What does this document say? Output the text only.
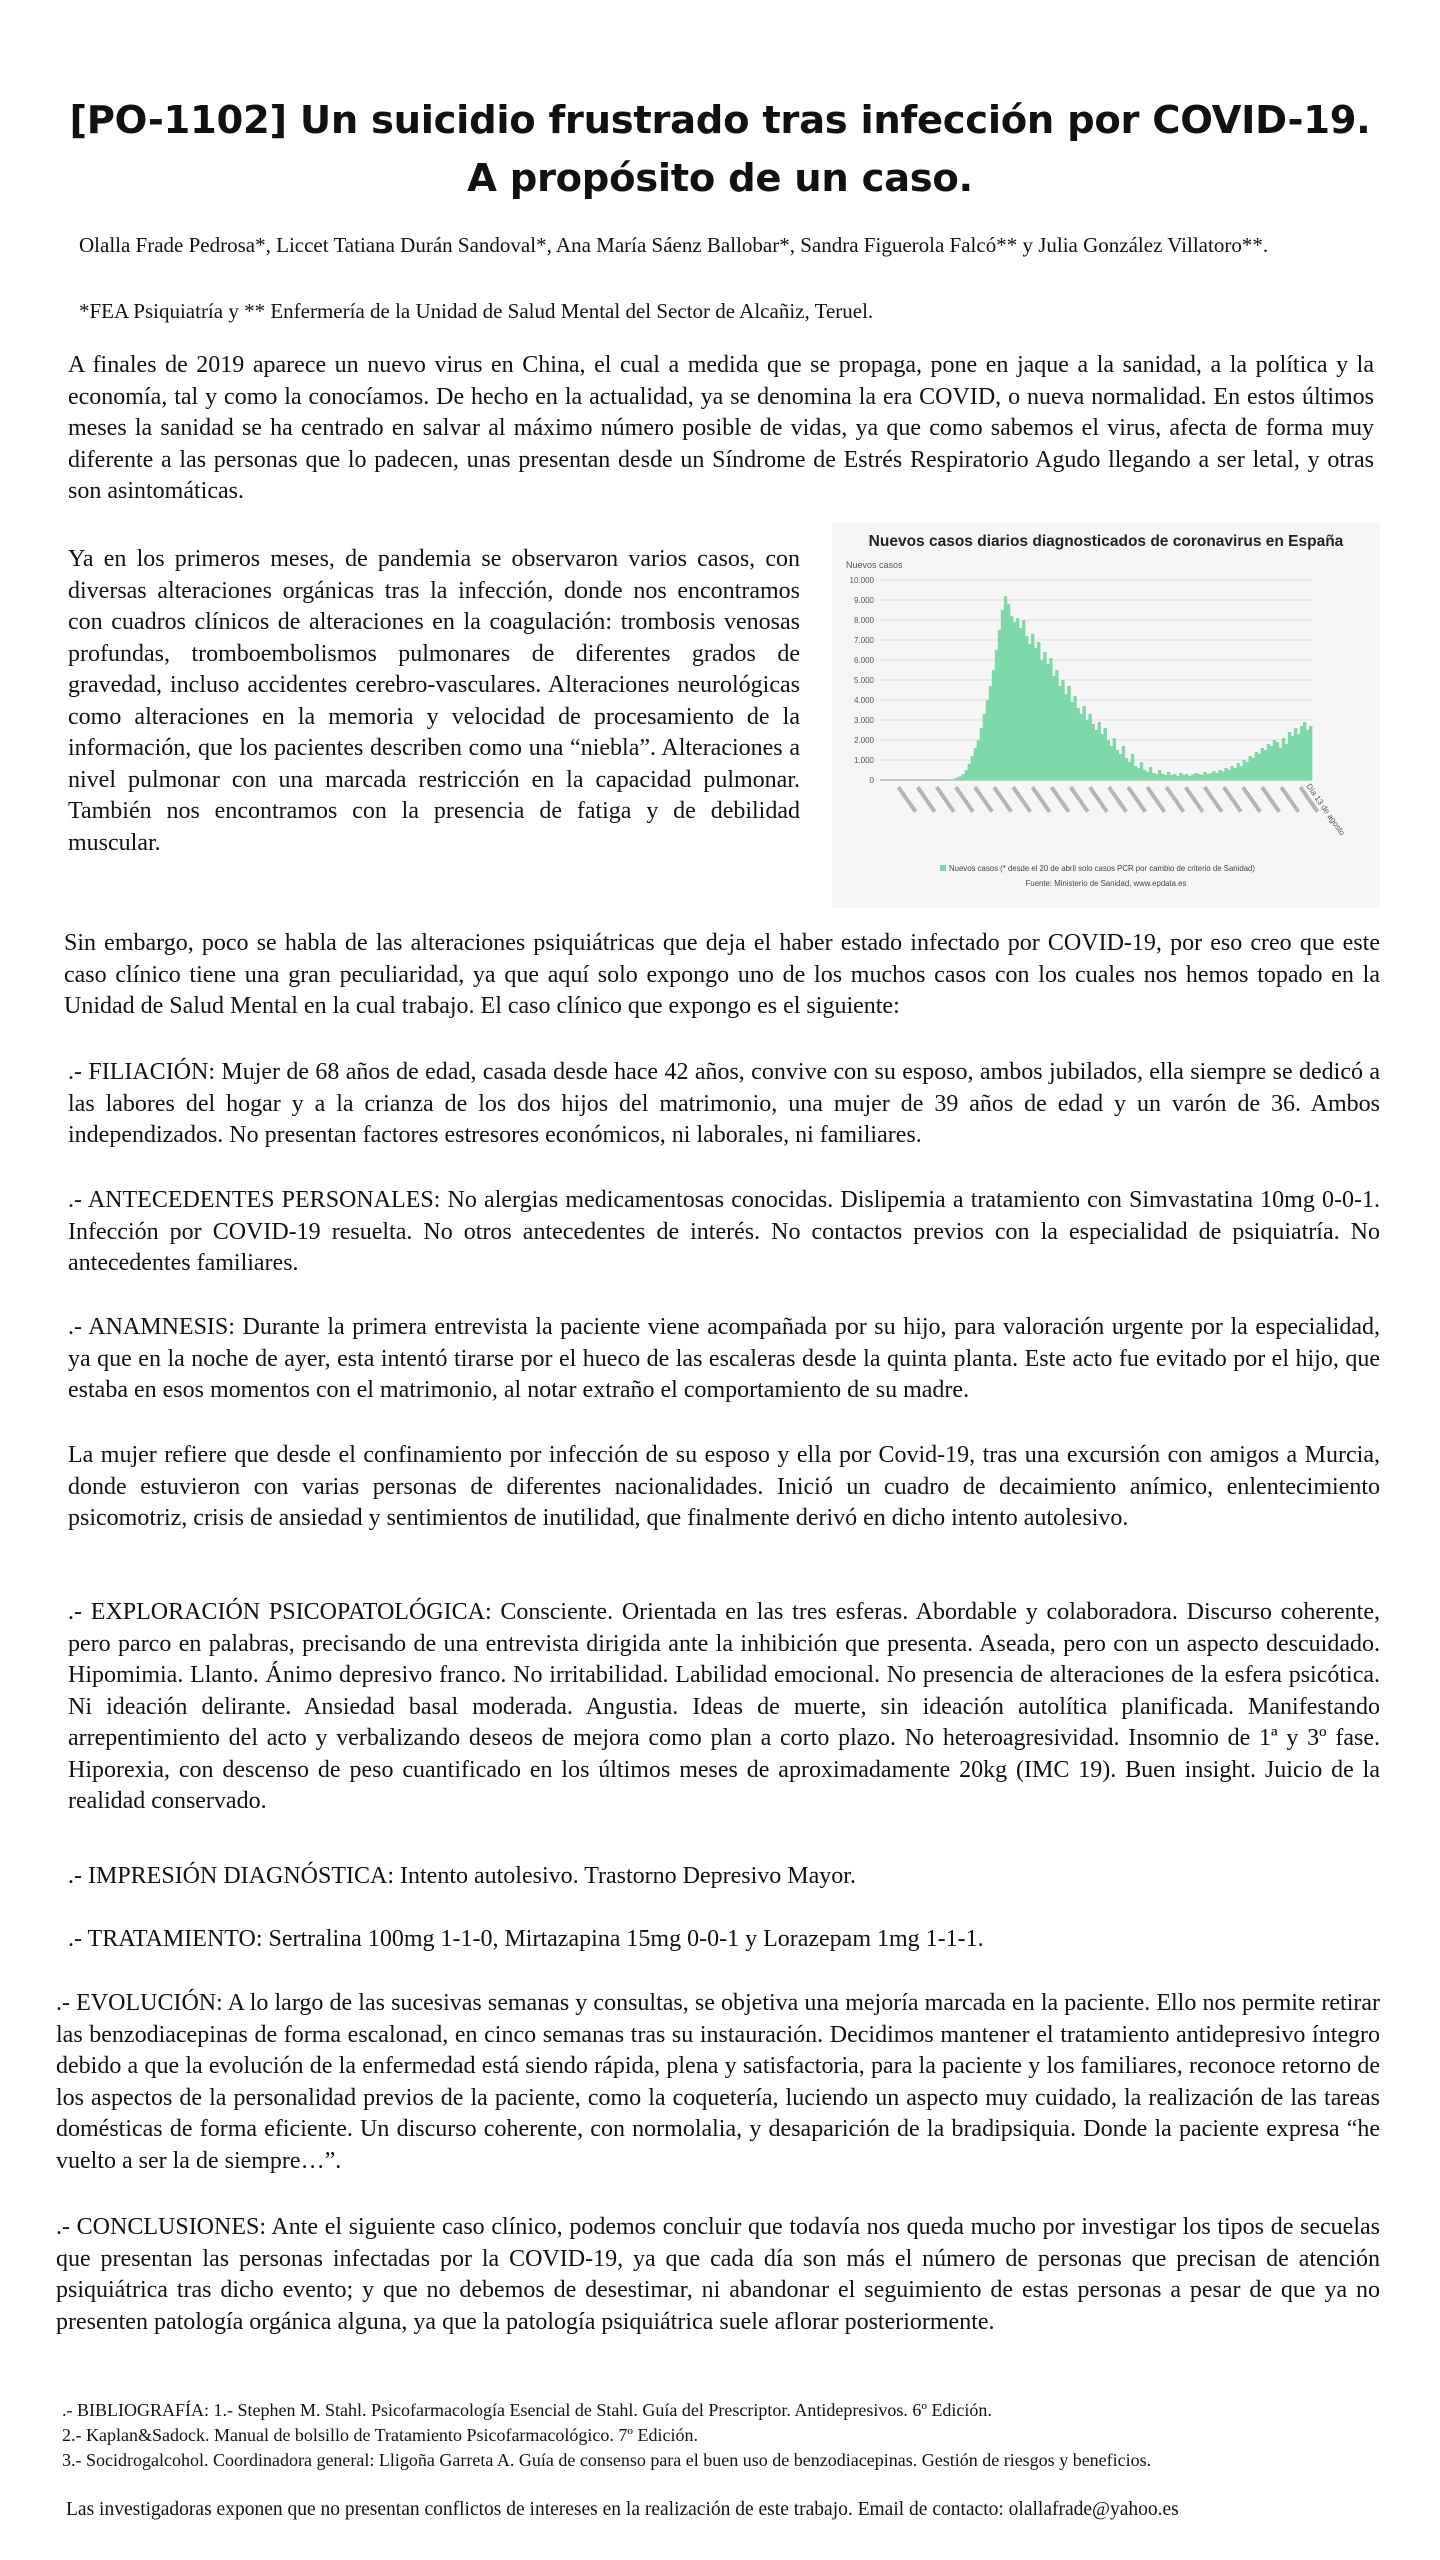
[PO-1102] Un suicidio frustrado tras infección por COVID-19.
A propósito de un caso.

Olalla Frade Pedrosa*, Liccet Tatiana Durán Sandoval*, Ana María Sáenz Ballobar*, Sandra Figuerola Falcó** y Julia González Villatoro**.

*FEA Psiquiatría y ** Enfermería de la Unidad de Salud Mental del Sector de Alcañiz, Teruel.

A finales de 2019 aparece un nuevo virus en China, el cual a medida que se propaga, pone en jaque a la sanidad, a la política y la economía, tal y como la conocíamos. De hecho en la actualidad, ya se denomina la era COVID, o nueva normalidad. En estos últimos meses la sanidad se ha centrado en salvar al máximo número posible de vidas, ya que como sabemos el virus, afecta de forma muy diferente a las personas que lo padecen, unas presentan desde un Síndrome de Estrés Respiratorio Agudo llegando a ser letal, y otras son asintomáticas.

Ya en los primeros meses, de pandemia se observaron varios casos, con diversas alteraciones orgánicas tras la infección, donde nos encontramos con cuadros clínicos de alteraciones en la coagulación: trombosis venosas profundas, tromboembolismos pulmonares de diferentes grados de gravedad, incluso accidentes cerebro-vasculares. Alteraciones neurológicas como alteraciones en la memoria y velocidad de procesamiento de la información, que los pacientes describen como una “niebla”. Alteraciones a nivel pulmonar con una marcada restricción en la capacidad pulmonar. También nos encontramos con la presencia de fatiga y de debilidad muscular.

Nuevos casos diarios diagnosticados de coronavirus en España
Nuevos casos
0
1.000
2.000
3.000
4.000
5.000
6.000
7.000
8.000
9.000
10.000
Día 13 de agosto
Nuevos casos (* desde el 20 de abril solo casos PCR por cambio de criterio de Sanidad)
Fuente: Ministerio de Sanidad, www.epdata.es

Sin embargo, poco se habla de las alteraciones psiquiátricas que deja el haber estado infectado por COVID-19, por eso creo que este caso clínico tiene una gran peculiaridad, ya que aquí solo expongo uno de los muchos casos con los cuales nos hemos topado en la Unidad de Salud Mental en la cual trabajo. El caso clínico que expongo es el siguiente:

.- FILIACIÓN: Mujer de 68 años de edad, casada desde hace 42 años, convive con su esposo, ambos jubilados, ella siempre se dedicó a las labores del hogar y a la crianza de los dos hijos del matrimonio, una mujer de 39 años de edad y un varón de 36. Ambos independizados. No presentan factores estresores económicos, ni laborales, ni familiares.

.- ANTECEDENTES PERSONALES: No alergias medicamentosas conocidas. Dislipemia a tratamiento con Simvastatina 10mg 0-0-1. Infección por COVID-19 resuelta. No otros antecedentes de interés. No contactos previos con la especialidad de psiquiatría. No antecedentes familiares.

.- ANAMNESIS: Durante la primera entrevista la paciente viene acompañada por su hijo, para valoración urgente por la especialidad, ya que en la noche de ayer, esta intentó tirarse por el hueco de las escaleras desde la quinta planta. Este acto fue evitado por el hijo, que estaba en esos momentos con el matrimonio, al notar extraño el comportamiento de su madre.

La mujer refiere que desde el confinamiento por infección de su esposo y ella por Covid-19, tras una excursión con amigos a Murcia, donde estuvieron con varias personas de diferentes nacionalidades. Inició un cuadro de decaimiento anímico, enlentecimiento psicomotriz, crisis de ansiedad y sentimientos de inutilidad, que finalmente derivó en dicho intento autolesivo.

.- EXPLORACIÓN PSICOPATOLÓGICA: Consciente. Orientada en las tres esferas. Abordable y colaboradora. Discurso coherente, pero parco en palabras, precisando de una entrevista dirigida ante la inhibición que presenta. Aseada, pero con un aspecto descuidado. Hipomimia. Llanto. Ánimo depresivo franco. No irritabilidad. Labilidad emocional. No presencia de alteraciones de la esfera psicótica. Ni ideación delirante. Ansiedad basal moderada. Angustia. Ideas de muerte, sin ideación autolítica planificada. Manifestando arrepentimiento del acto y verbalizando deseos de mejora como plan a corto plazo. No heteroagresividad. Insomnio de 1ª y 3º fase. Hiporexia, con descenso de peso cuantificado en los últimos meses de aproximadamente 20kg (IMC 19). Buen insight. Juicio de la realidad conservado.

.- IMPRESIÓN DIAGNÓSTICA: Intento autolesivo. Trastorno Depresivo Mayor.

.- TRATAMIENTO: Sertralina 100mg 1-1-0, Mirtazapina 15mg 0-0-1 y Lorazepam 1mg 1-1-1.

.- EVOLUCIÓN: A lo largo de las sucesivas semanas y consultas, se objetiva una mejoría marcada en la paciente. Ello nos permite retirar las benzodiacepinas de forma escalonad, en cinco semanas tras su instauración. Decidimos mantener el tratamiento antidepresivo íntegro debido a que la evolución de la enfermedad está siendo rápida, plena y satisfactoria, para la paciente y los familiares, reconoce retorno de los aspectos de la personalidad previos de la paciente, como la coquetería, luciendo un aspecto muy cuidado, la realización de las tareas domésticas de forma eficiente. Un discurso coherente, con normolalia, y desaparición de la bradipsiquia. Donde la paciente expresa “he vuelto a ser la de siempre…”.

.- CONCLUSIONES: Ante el siguiente caso clínico, podemos concluir que todavía nos queda mucho por investigar los tipos de secuelas que presentan las personas infectadas por la COVID-19, ya que cada día son más el número de personas que precisan de atención psiquiátrica tras dicho evento; y que no debemos de desestimar, ni abandonar el seguimiento de estas personas a pesar de que ya no presenten patología orgánica alguna, ya que la patología psiquiátrica suele aflorar posteriormente.

.- BIBLIOGRAFÍA: 1.- Stephen M. Stahl. Psicofarmacología Esencial de Stahl. Guía del Prescriptor. Antidepresivos. 6º Edición.
2.- Kaplan&Sadock. Manual de bolsillo de Tratamiento Psicofarmacológico. 7º Edición.
3.- Socidrogalcohol. Coordinadora general: Lligoña Garreta A. Guía de consenso para el buen uso de benzodiacepinas. Gestión de riesgos y beneficios.

Las investigadoras exponen que no presentan conflictos de intereses en la realización de este trabajo. Email de contacto: olallafrade@yahoo.es
